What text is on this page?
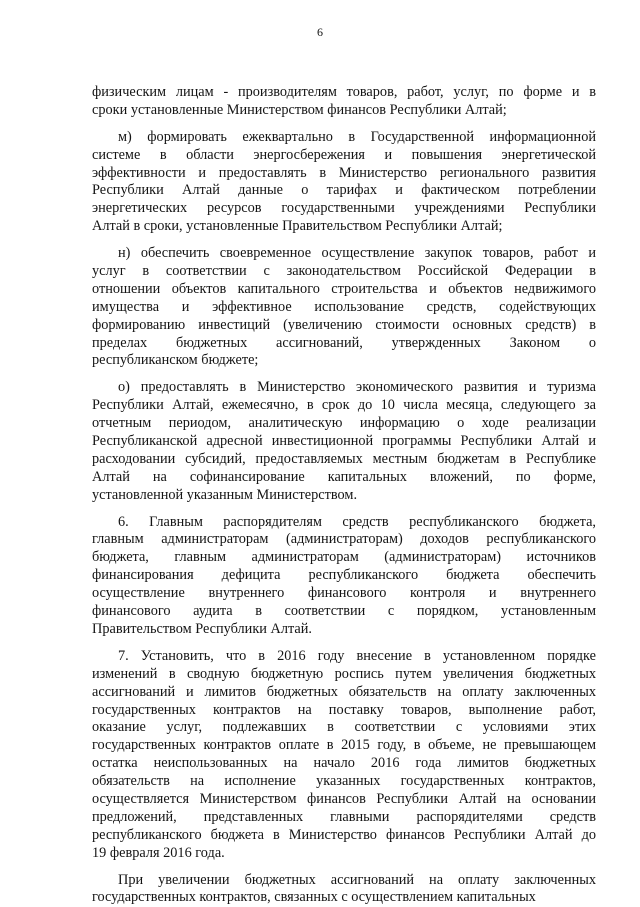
6
физическим лицам - производителям товаров, работ, услуг, по форме и в
сроки установленные Министерством финансов Республики Алтай;
м) формировать ежеквартально в Государственной информационной
системе в области энергосбережения и повышения энергетической
эффективности и предоставлять в Министерство регионального развития
Республики Алтай данные о тарифах и фактическом потреблении
энергетических ресурсов государственными учреждениями Республики
Алтай в сроки, установленные Правительством Республики Алтай;
н) обеспечить своевременное осуществление закупок товаров, работ и
услуг в соответствии с законодательством Российской Федерации в
отношении объектов капитального строительства и объектов недвижимого
имущества и эффективное использование средств, содействующих
формированию инвестиций (увеличению стоимости основных средств) в
пределах бюджетных ассигнований, утвержденных Законом о
республиканском бюджете;
о) предоставлять в Министерство экономического развития и туризма
Республики Алтай, ежемесячно, в срок до 10 числа месяца, следующего за
отчетным периодом, аналитическую информацию о ходе реализации
Республиканской адресной инвестиционной программы Республики Алтай и
расходовании субсидий, предоставляемых местным бюджетам в Республике
Алтай на софинансирование капитальных вложений, по форме,
установленной указанным Министерством.
6. Главным распорядителям средств республиканского бюджета,
главным администраторам (администраторам) доходов республиканского
бюджета, главным администраторам (администраторам) источников
финансирования дефицита республиканского бюджета обеспечить
осуществление внутреннего финансового контроля и внутреннего
финансового аудита в соответствии с порядком, установленным
Правительством Республики Алтай.
7. Установить, что в 2016 году внесение в установленном порядке
изменений в сводную бюджетную роспись путем увеличения бюджетных
ассигнований и лимитов бюджетных обязательств на оплату заключенных
государственных контрактов на поставку товаров, выполнение работ,
оказание услуг, подлежавших в соответствии с условиями этих
государственных контрактов оплате в 2015 году, в объеме, не превышающем
остатка неиспользованных на начало 2016 года лимитов бюджетных
обязательств на исполнение указанных государственных контрактов,
осуществляется Министерством финансов Республики Алтай на основании
предложений, представленных главными распорядителями средств
республиканского бюджета в Министерство финансов Республики Алтай до
19 февраля 2016 года.
При увеличении бюджетных ассигнований на оплату заключенных
государственных контрактов, связанных с осуществлением капитальных
